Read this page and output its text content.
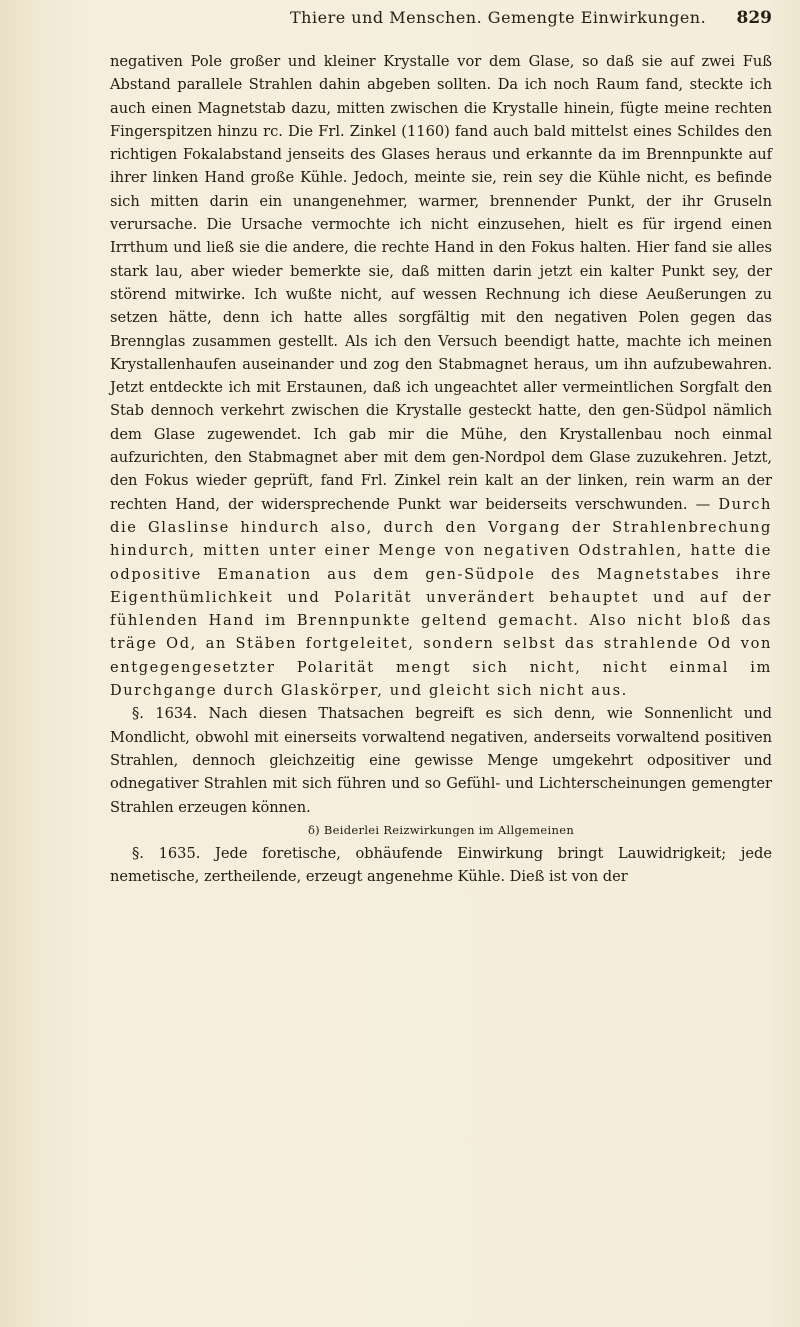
Thiere und Menschen. Gemengte Einwirkungen. 829

negativen Pole großer und kleiner Krystalle vor dem Glase, so daß sie auf zwei Fuß Abstand parallele Strahlen dahin abgeben sollten. Da ich noch Raum fand, steckte ich auch einen Magnetstab dazu, mitten zwischen die Krystalle hinein, fügte meine rechten Fingerspitzen hinzu rc. Die Frl. Zinkel (1160) fand auch bald mittelst eines Schildes den richtigen Fokalabstand jenseits des Glases heraus und erkannte da im Brennpunkte auf ihrer linken Hand große Kühle. Jedoch, meinte sie, rein sey die Kühle nicht, es befinde sich mitten darin ein unangenehmer, warmer, brennender Punkt, der ihr Gruseln verursache. Die Ursache vermochte ich nicht einzusehen, hielt es für irgend einen Irrthum und ließ sie die andere, die rechte Hand in den Fokus halten. Hier fand sie alles stark lau, aber wieder bemerkte sie, daß mitten darin jetzt ein kalter Punkt sey, der störend mitwirke. Ich wußte nicht, auf wessen Rechnung ich diese Aeußerungen zu setzen hätte, denn ich hatte alles sorgfältig mit den negativen Polen gegen das Brennglas zusammen gestellt. Als ich den Versuch beendigt hatte, machte ich meinen Krystallenhaufen auseinander und zog den Stabmagnet heraus, um ihn aufzubewahren. Jetzt entdeckte ich mit Erstaunen, daß ich ungeachtet aller vermeintlichen Sorgfalt den Stab dennoch verkehrt zwischen die Krystalle gesteckt hatte, den gen-Südpol nämlich dem Glase zugewendet. Ich gab mir die Mühe, den Krystallenbau noch einmal aufzurichten, den Stabmagnet aber mit dem gen-Nordpol dem Glase zuzukehren. Jetzt, den Fokus wieder geprüft, fand Frl. Zinkel rein kalt an der linken, rein warm an der rechten Hand, der widersprechende Punkt war beiderseits verschwunden. — Durch die Glaslinse hindurch also, durch den Vorgang der Strahlenbrechung hindurch, mitten unter einer Menge von negativen Odstrahlen, hatte die odpositive Emanation aus dem gen-Südpole des Magnetstabes ihre Eigenthümlichkeit und Polarität unverändert behauptet und auf der fühlenden Hand im Brennpunkte geltend gemacht. Also nicht bloß das träge Od, an Stäben fortgeleitet, sondern selbst das strahlende Od von entgegengesetzter Polarität mengt sich nicht, nicht einmal im Durchgange durch Glaskörper, und gleicht sich nicht aus.

§. 1634. Nach diesen Thatsachen begreift es sich denn, wie Sonnenlicht und Mondlicht, obwohl mit einerseits vorwaltend negativen, anderseits vorwaltend positiven Strahlen, dennoch gleichzeitig eine gewisse Menge umgekehrt odpositiver und odnegativer Strahlen mit sich führen und so Gefühl- und Lichterscheinungen gemengter Strahlen erzeugen können.

δ) Beiderlei Reizwirkungen im Allgemeinen

§. 1635. Jede foretische, obhäufende Einwirkung bringt Lauwidrigkeit; jede nemetische, zertheilende, erzeugt angenehme Kühle. Dieß ist von der
